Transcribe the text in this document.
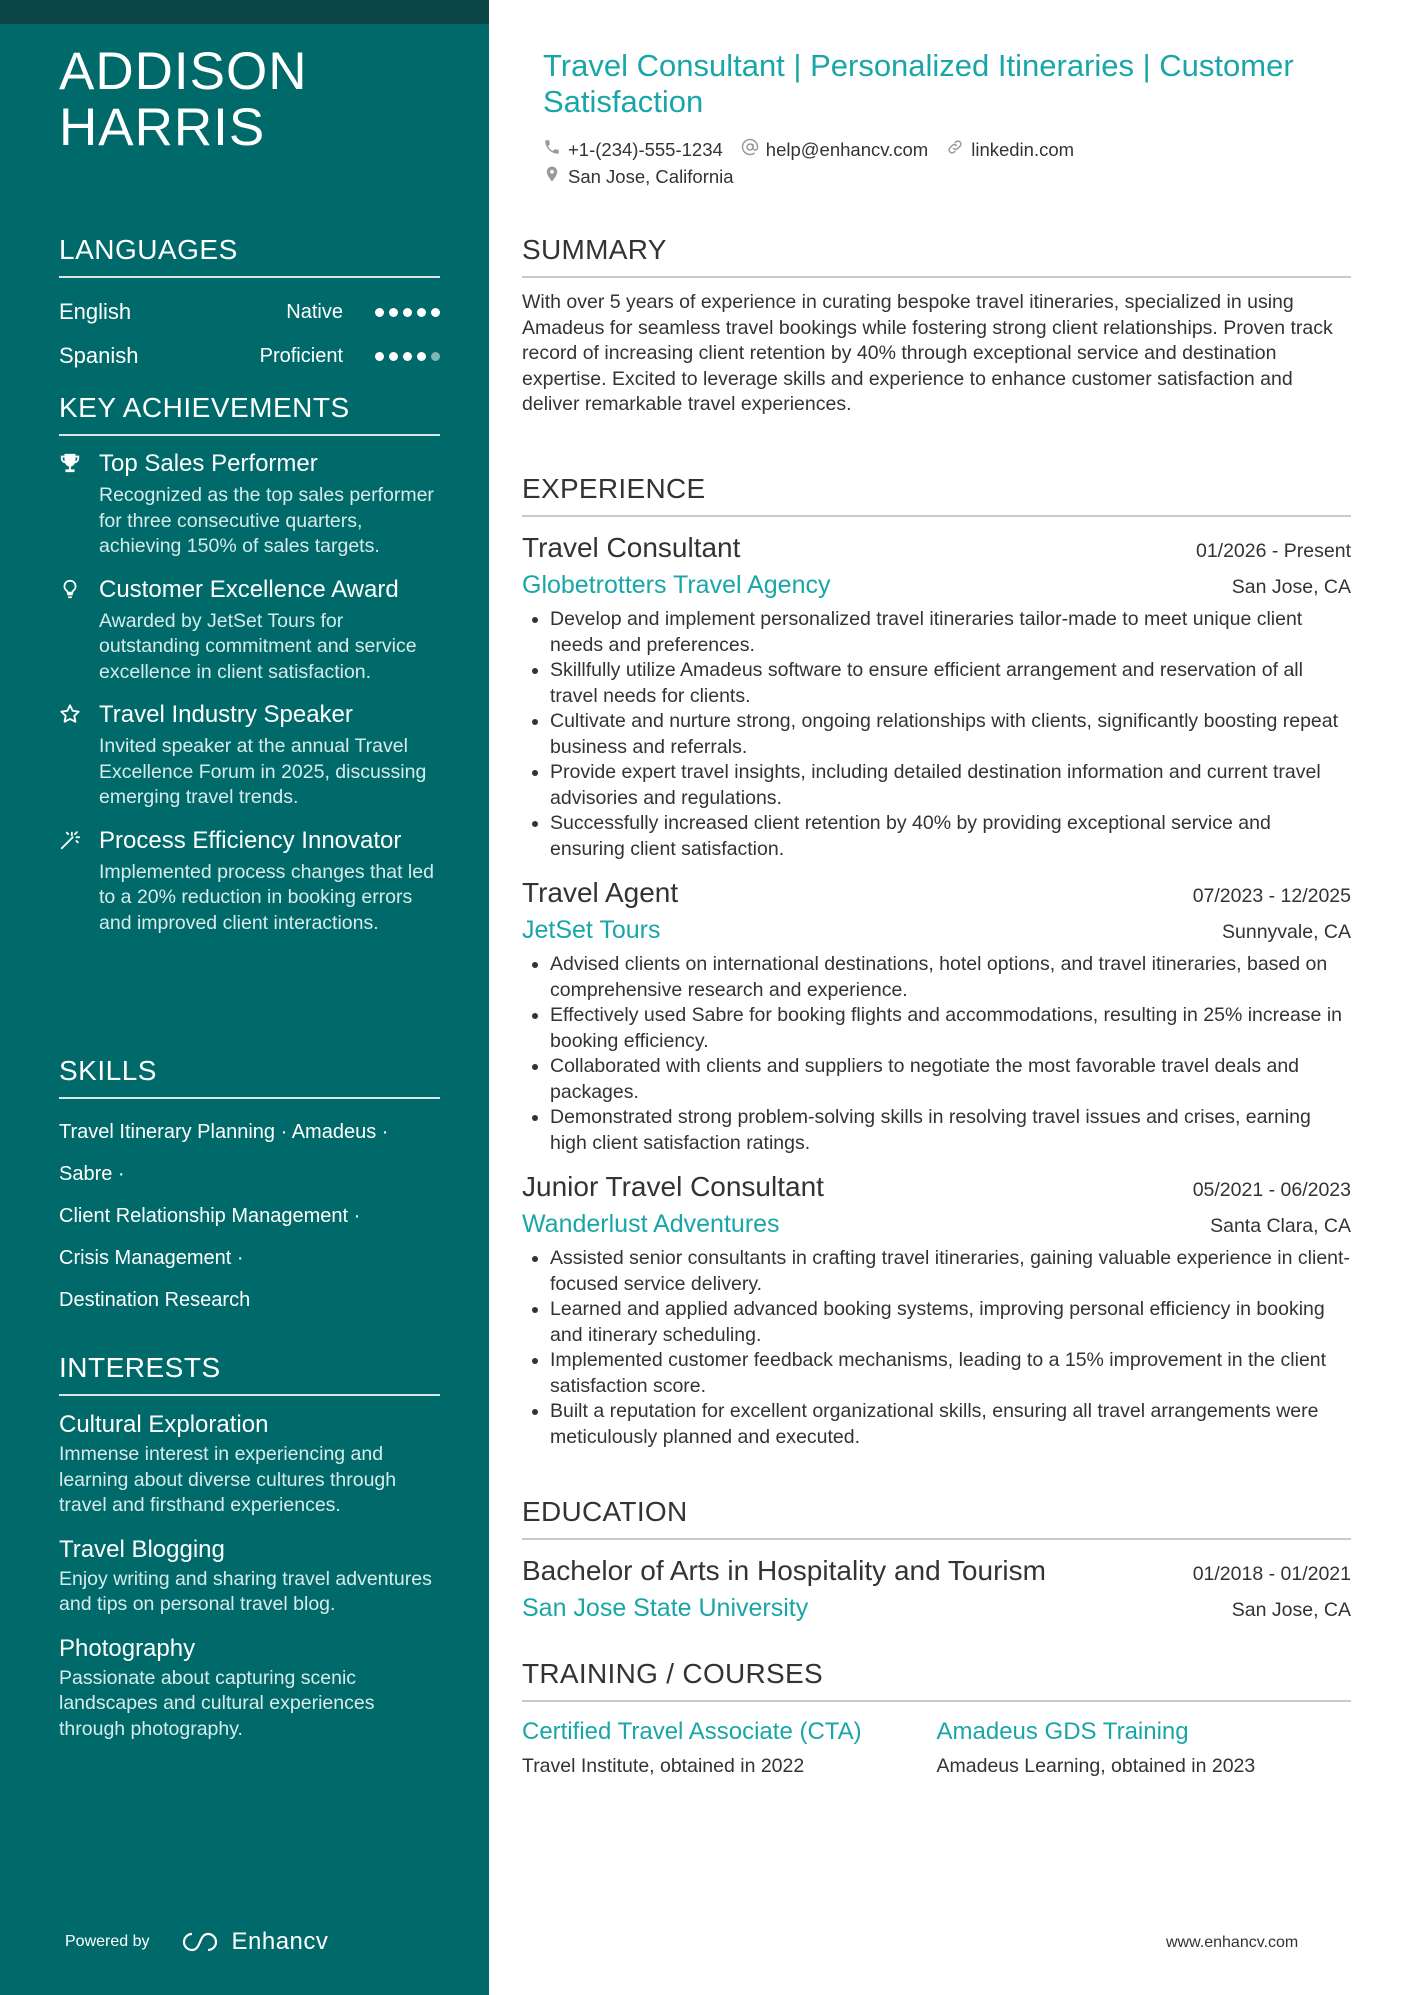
ADDISON
HARRIS
LANGUAGES
English	Native
Spanish	Proficient
KEY ACHIEVEMENTS
Top Sales Performer
Recognized as the top sales performer for three consecutive quarters, achieving 150% of sales targets.
Customer Excellence Award
Awarded by JetSet Tours for outstanding commitment and service excellence in client satisfaction.
Travel Industry Speaker
Invited speaker at the annual Travel Excellence Forum in 2025, discussing emerging travel trends.
Process Efficiency Innovator
Implemented process changes that led to a 20% reduction in booking errors and improved client interactions.
SKILLS
Travel Itinerary Planning · Amadeus ·
Sabre ·
Client Relationship Management ·
Crisis Management ·
Destination Research
INTERESTS
Cultural Exploration
Immense interest in experiencing and learning about diverse cultures through travel and firsthand experiences.
Travel Blogging
Enjoy writing and sharing travel adventures and tips on personal travel blog.
Photography
Passionate about capturing scenic landscapes and cultural experiences through photography.
Powered by	Enhancv
Travel Consultant | Personalized Itineraries | Customer Satisfaction
+1-(234)-555-1234 help@enhancv.com linkedin.com
San Jose, California
SUMMARY
With over 5 years of experience in curating bespoke travel itineraries, specialized in using Amadeus for seamless travel bookings while fostering strong client relationships. Proven track record of increasing client retention by 40% through exceptional service and destination expertise. Excited to leverage skills and experience to enhance customer satisfaction and deliver remarkable travel experiences.
EXPERIENCE
Travel Consultant	01/2026 - Present
Globetrotters Travel Agency	San Jose, CA
• Develop and implement personalized travel itineraries tailor-made to meet unique client needs and preferences.
• Skillfully utilize Amadeus software to ensure efficient arrangement and reservation of all travel needs for clients.
• Cultivate and nurture strong, ongoing relationships with clients, significantly boosting repeat business and referrals.
• Provide expert travel insights, including detailed destination information and current travel advisories and regulations.
• Successfully increased client retention by 40% by providing exceptional service and ensuring client satisfaction.
Travel Agent	07/2023 - 12/2025
JetSet Tours	Sunnyvale, CA
• Advised clients on international destinations, hotel options, and travel itineraries, based on comprehensive research and experience.
• Effectively used Sabre for booking flights and accommodations, resulting in 25% increase in booking efficiency.
• Collaborated with clients and suppliers to negotiate the most favorable travel deals and packages.
• Demonstrated strong problem-solving skills in resolving travel issues and crises, earning high client satisfaction ratings.
Junior Travel Consultant	05/2021 - 06/2023
Wanderlust Adventures	Santa Clara, CA
• Assisted senior consultants in crafting travel itineraries, gaining valuable experience in client-focused service delivery.
• Learned and applied advanced booking systems, improving personal efficiency in booking and itinerary scheduling.
• Implemented customer feedback mechanisms, leading to a 15% improvement in the client satisfaction score.
• Built a reputation for excellent organizational skills, ensuring all travel arrangements were meticulously planned and executed.
EDUCATION
Bachelor of Arts in Hospitality and Tourism	01/2018 - 01/2021
San Jose State University	San Jose, CA
TRAINING / COURSES
Certified Travel Associate (CTA)
Travel Institute, obtained in 2022
Amadeus GDS Training
Amadeus Learning, obtained in 2023
www.enhancv.com
